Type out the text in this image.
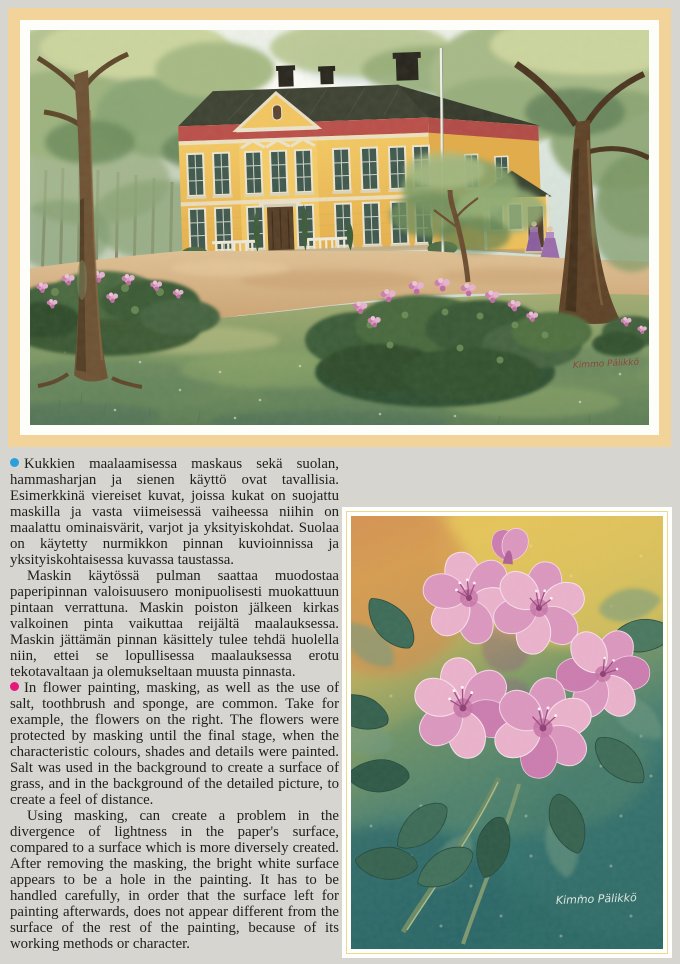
Kimmo Pälikkö

Kukkien maalaamisessa maskaus sekä suolan, hammasharjan ja sienen käyttö ovat tavallisia. Esimerkkinä viereiset kuvat, joissa kukat on suojattu maskilla ja vasta viimeisessä vaiheessa niihin on maalattu ominaisvärit, varjot ja yksityiskohdat. Suolaa on käytetty nurmikkon pinnan kuvioinnissa ja yksityiskohtaisessa kuvassa taustassa.

Maskin käytössä pulman saattaa muodostaa paperipinnan valoisuusero monipuolisesti muokattuun pintaan verrattuna. Maskin poiston jälkeen kirkas valkoinen pinta vaikuttaa reijältä maalauksessa. Maskin jättämän pinnan käsittely tulee tehdä huolella niin, ettei se lopullisessa maalauksessa erotu tekotavaltaan ja olemukseltaan muusta pinnasta.

In flower painting, masking, as well as the use of salt, toothbrush and sponge, are common. Take for example, the flowers on the right. The flowers were protected by masking until the final stage, when the characteristic colours, shades and details were painted. Salt was used in the background to create a surface of grass, and in the background of the detailed picture, to create a feel of distance.

Using masking, can create a problem in the divergence of lightness in the paper's surface, compared to a surface which is more diversely created. After removing the masking, the bright white surface appears to be a hole in the painting. It has to be handled carefully, in order that the surface left for painting afterwards, does not appear different from the surface of the rest of the painting, because of its working methods or character.

Kimmo Pälikkö
